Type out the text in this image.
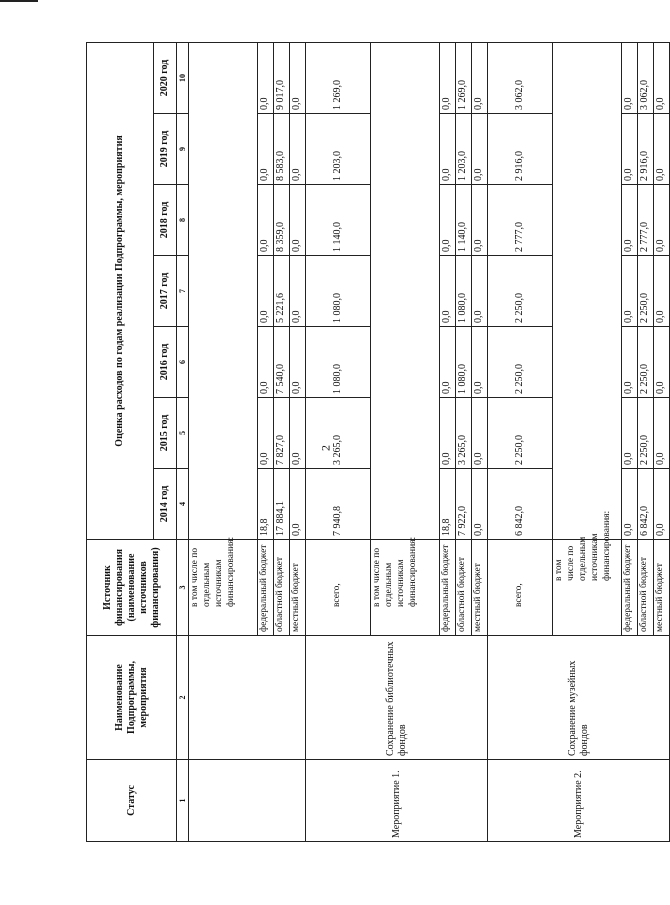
2
Статус	Наименование Подпрограммы, мероприятия	Источник финансирования (наименование источников финансирования)	Оценка расходов по годам реализации Подпрограммы, мероприятия						
			2014 год	2015 год	2016 год	2017 год	2018 год	2019 год	2020 год
1	2	3	4	5	6	7	8	9	10
		в том числе по отдельным источникам финансирования:							
		федеральный бюджет	18,8	0,0	0,0	0,0	0,0	0,0	0,0
		областной бюджет	17 884,1	7 827,0	7 540,0	5 221,6	8 359,0	8 583,0	9 017,0
		местный бюджет	0,0	0,0	0,0	0,0	0,0	0,0	0,0
Мероприятие 1.	Сохранение библиотечных фондов	всего,	7 940,8	3 265,0	1 080,0	1 080,0	1 140,0	1 203,0	1 269,0
		в том числе по отдельным источникам финансирования:							
		федеральный бюджет	18,8	0,0	0,0	0,0	0,0	0,0	0,0
		областной бюджет	7 922,0	3 265,0	1 080,0	1 080,0	1 140,0	1 203,0	1 269,0
		местный бюджет	0,0	0,0	0,0	0,0	0,0	0,0	0,0
Мероприятие 2.	Сохранение музейных фондов	всего,	6 842,0	2 250,0	2 250,0	2 250,0	2 777,0	2 916,0	3 062,0
		в том числе по отдельным источникам финансирования:							
		федеральный бюджет	0,0	0,0	0,0	0,0	0,0	0,0	0,0
		областной бюджет	6 842,0	2 250,0	2 250,0	2 250,0	2 777,0	2 916,0	3 062,0
		местный бюджет	0,0	0,0	0,0	0,0	0,0	0,0	0,0
